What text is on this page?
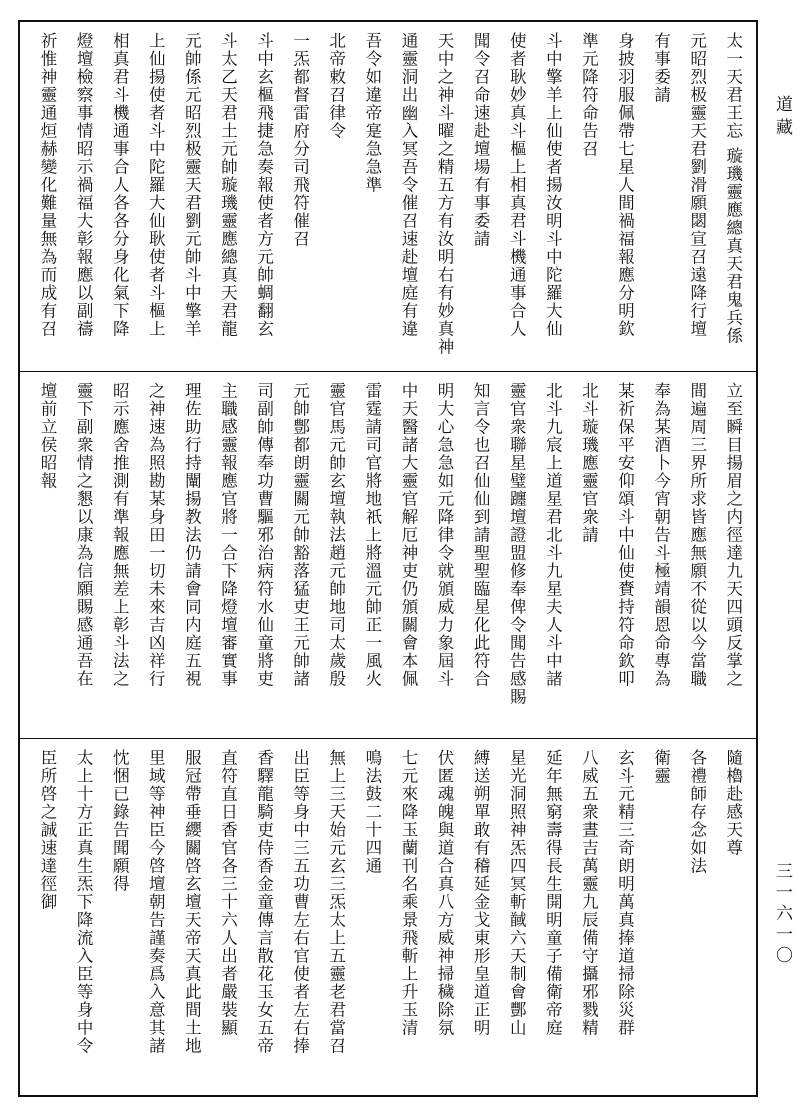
太一天君王忘 璇璣靈應總真天君鬼兵係
元昭烈极靈天君劉滑願閟宣召遠降行壇
有事委請
身披羽服佩帶七星人間禍福報應分明欽
準元降符命告召
斗中擎羊上仙使者揚汝明斗中陀羅大仙
使者耿妙真斗樞上相真君斗機通事合人
聞令召命速赴壇場有事委請
天中之神斗曜之精五方有汝明右有妙真神
通靈洞出幽入冥吾令催召速赴壇庭有違
吾令如違帝寔急急準
北帝敕召律令
一炁都督雷府分司飛符催召
斗中玄樞飛捷急奏報使者方元帥蜩翻玄
斗太乙天君土元帥璇璣靈應總真天君龍
元帥係元昭烈极靈天君劉元帥斗中擎羊
上仙揚使者斗中陀羅大仙耿使者斗樞上
相真君斗機通事合人各各分身化氣下降
燈壇檢察事情昭示禍福大彰報應以副禱
祈惟神靈通烜赫變化難量無為而成有召
立至瞬目揚眉之内徑達九天四頭反掌之
間遍周三界所求皆應無願不從以今當職
奉為某酒卜今宵朝告斗極靖韻恩命專為
某祈保平安仰頌斗中仙使賚持符命欽叩
北斗璇璣應靈官衆請
北斗九宸上道星君北斗九星夫人斗中諸
靈官衆聯星璧躔壇證盟修奉俾令聞告感賜
知言令也召仙仙到請聖聖臨星化此符合
明大心急急如元降律令就頒威力象屆斗
中天醫諸大靈官解厄神吏仍頒關會本佩
雷霆請司官將地祇上將溫元帥正一風火
靈官馬元帥玄壇執法趙元帥地司太歲殷
元帥鄷都朗靈關元帥豁落猛吏王元帥諸
司副帥傳奉功曹驅邪治病符水仙童將吏
主職感靈報應官將一合下降燈壇審實事
理佐助行持闡揚教法仍請會同内庭五視
之神速為照勘某身田一切未來吉凶祥行
昭示應舍推測有準報應無差上彰斗法之
靈下副衆情之懇以康為信願賜感通吾在
壇前立侯昭報
隨櫓赴感天尊
各禮師存念如法
衛靈
玄斗元精三奇朗明萬真捧道掃除災群
八威五衆晝吉萬靈九辰備守攝邪戮精
延年無窮壽得長生開明童子備衛帝庭
星光洞照神炁四冥斬馘六天制會酆山
縛送朔單敢有稽延金戈東形皇道正明
伏匿魂魄與道合真八方威神掃穢除氛
七元來降玉蘭刊名乘景飛斬上升玉清
鳴法鼓二十四通
無上三天始元玄三炁太上五靈老君當召
出臣等身中三五功曹左右官使者左右捧
香驛龍騎吏侍香金童傳言散花玉女五帝
直符直日香官各三十六人出者嚴裝顯
服冠帶垂纓關啓玄壇天帝天真此間土地
里域等神臣今啓壇朝告謹奏爲入意其諸
忱悃已錄告聞願得
太上十方正真生炁下降流入臣等身中令
臣所啓之誠速達徑御
道藏
三一六一〇
